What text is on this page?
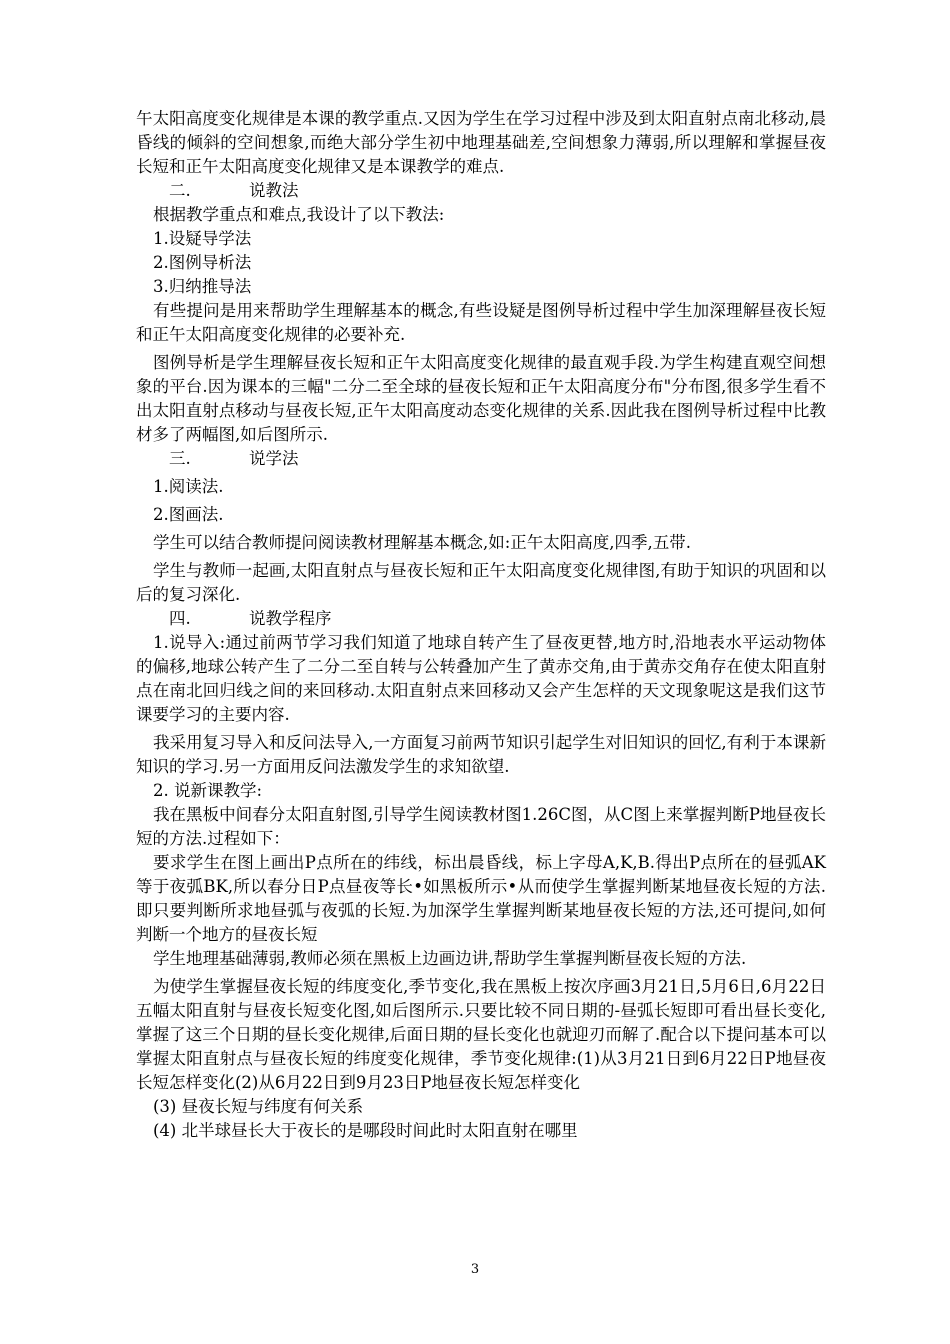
午太阳高度变化规律是本课的教学重点.又因为学生在学习过程中涉及到太阳直射点南北移动,晨昏线的倾斜的空间想象,而绝大部分学生初中地理基础差,空间想象力薄弱,所以理解和掌握昼夜长短和正午太阳高度变化规律又是本课教学的难点.

二.	说教法

根据教学重点和难点,我设计了以下教法:

1.设疑导学法

2.图例导析法

3.归纳推导法

有些提问是用来帮助学生理解基本的概念,有些设疑是图例导析过程中学生加深理解昼夜长短和正午太阳高度变化规律的必要补充.

图例导析是学生理解昼夜长短和正午太阳高度变化规律的最直观手段.为学生构建直观空间想象的平台.因为课本的三幅"二分二至全球的昼夜长短和正午太阳高度分布"分布图,很多学生看不出太阳直射点移动与昼夜长短,正午太阳高度动态变化规律的关系.因此我在图例导析过程中比教材多了两幅图,如后图所示.

三.	说学法

1.阅读法.

2.图画法.

学生可以结合教师提问阅读教材理解基本概念,如:正午太阳高度,四季,五带.

学生与教师一起画,太阳直射点与昼夜长短和正午太阳高度变化规律图,有助于知识的巩固和以后的复习深化.

四.	说教学程序

1.说导入:通过前两节学习我们知道了地球自转产生了昼夜更替,地方时,沿地表水平运动物体的偏移,地球公转产生了二分二至自转与公转叠加产生了黄赤交角,由于黄赤交角存在使太阳直射点在南北回归线之间的来回移动.太阳直射点来回移动又会产生怎样的天文现象呢这是我们这节课要学习的主要内容.

我采用复习导入和反问法导入,一方面复习前两节知识引起学生对旧知识的回忆,有利于本课新知识的学习.另一方面用反问法激发学生的求知欲望.

2. 说新课教学:

我在黑板中间春分太阳直射图,引导学生阅读教材图1.26C图，从C图上来掌握判断P地昼夜长短的方法.过程如下：

要求学生在图上画出P点所在的纬线，标出晨昏线，标上字母A,K,B.得出P点所在的昼弧AK等于夜弧BK,所以春分日P点昼夜等长•如黑板所示•从而使学生掌握判断某地昼夜长短的方法.即只要判断所求地昼弧与夜弧的长短.为加深学生掌握判断某地昼夜长短的方法,还可提问,如何判断一个地方的昼夜长短

学生地理基础薄弱,教师必须在黑板上边画边讲,帮助学生掌握判断昼夜长短的方法.

为使学生掌握昼夜长短的纬度变化,季节变化,我在黑板上按次序画3月21日,5月6日,6月22日五幅太阳直射与昼夜长短变化图,如后图所示.只要比较不同日期的-昼弧长短即可看出昼长变化,掌握了这三个日期的昼长变化规律,后面日期的昼长变化也就迎刃而解了.配合以下提问基本可以掌握太阳直射点与昼夜长短的纬度变化规律，季节变化规律:(1)从3月21日到6月22日P地昼夜长短怎样变化(2)从6月22日到9月23日P地昼夜长短怎样变化

(3) 昼夜长短与纬度有何关系

(4) 北半球昼长大于夜长的是哪段时间此时太阳直射在哪里

3
